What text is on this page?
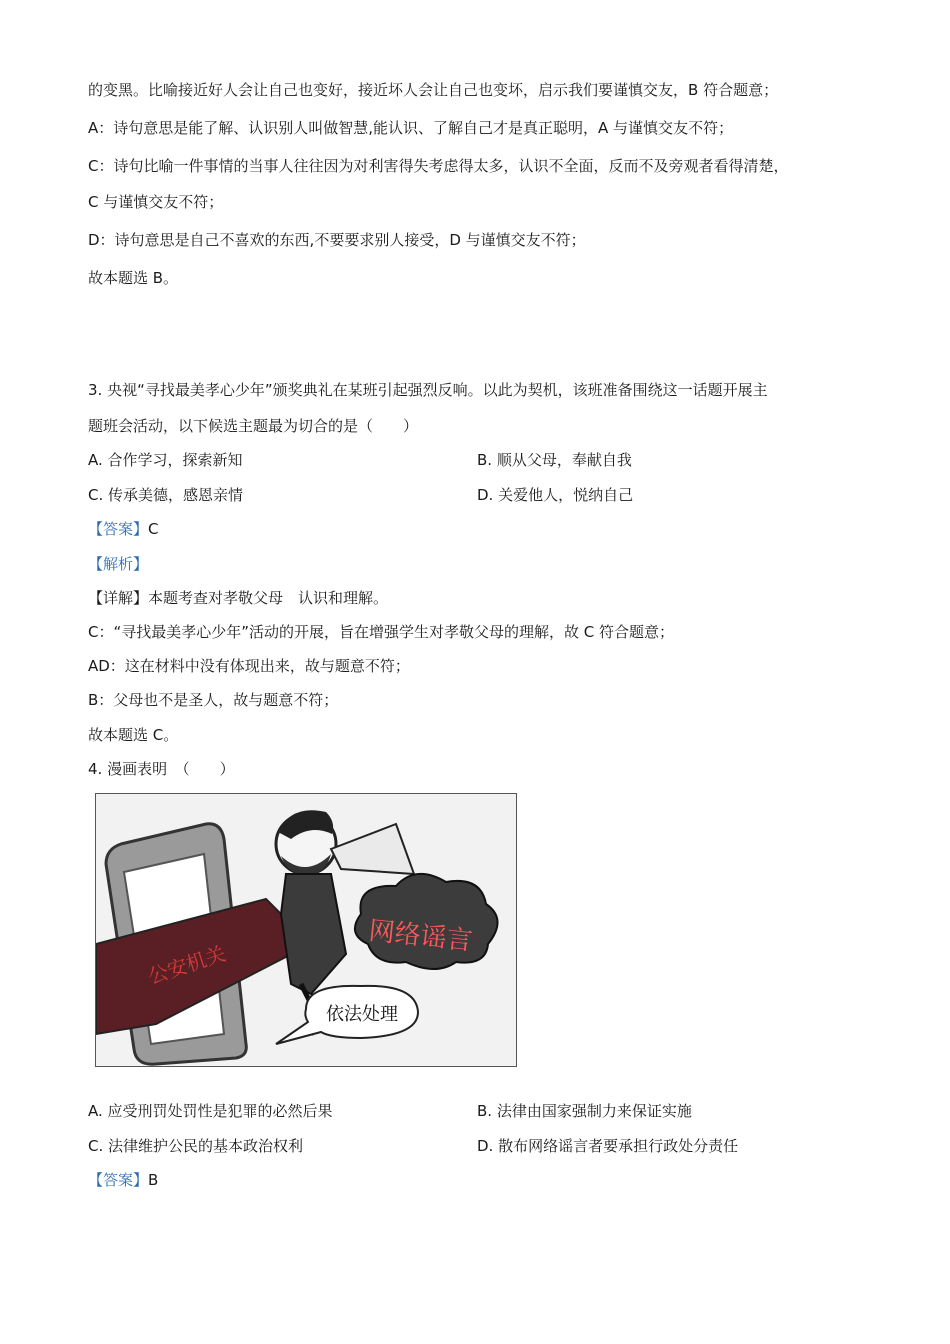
的变黑。比喻接近好人会让自己也变好，接近坏人会让自己也变坏，启示我们要谨慎交友，B 符合题意；
A：诗句意思是能了解、认识别人叫做智慧,能认识、了解自己才是真正聪明，A 与谨慎交友不符；
C：诗句比喻一件事情的当事人往往因为对利害得失考虑得太多，认识不全面，反而不及旁观者看得清楚，
C 与谨慎交友不符；
D：诗句意思是自己不喜欢的东西,不要要求别人接受，D 与谨慎交友不符；
故本题选 B。
3. 央视“寻找最美孝心少年”颁奖典礼在某班引起强烈反响。以此为契机，该班准备围绕这一话题开展主
题班会活动，以下候选主题最为切合的是（　　）
A. 合作学习，探索新知	B. 顺从父母，奉献自我
C. 传承美德，感恩亲情	D. 关爱他人，悦纳自己
【答案】C
【解析】
【详解】本题考查对孝敬父母　认识和理解。
C：“寻找最美孝心少年”活动的开展，旨在增强学生对孝敬父母的理解，故 C 符合题意；
AD：这在材料中没有体现出来，故与题意不符；
B：父母也不是圣人，故与题意不符；
故本题选 C。
4. 漫画表明　（　　）
公安机关
网络谣言
依法处理
A. 应受刑罚处罚性是犯罪的必然后果	B. 法律由国家强制力来保证实施
C. 法律维护公民的基本政治权利	D. 散布网络谣言者要承担行政处分责任
【答案】B
